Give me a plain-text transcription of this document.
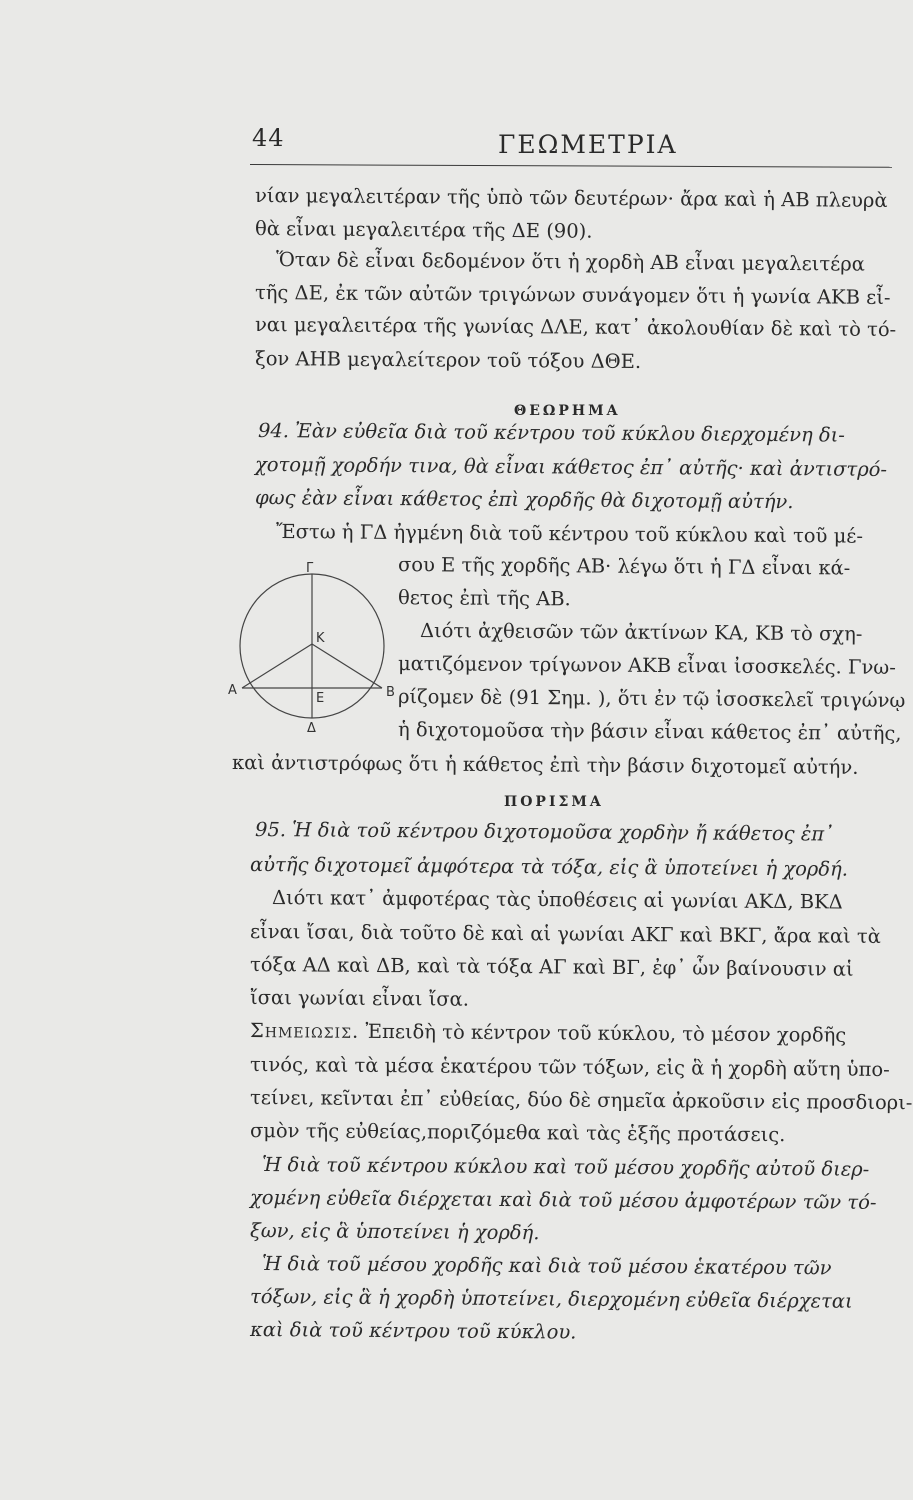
44	ΓΕΩΜΕΤΡΙΑ
νίαν μεγαλειτέραν τῆς ὑπὸ τῶν δευτέρων· ἄρα καὶ ἡ ΑΒ πλευρὰ
θὰ εἶναι μεγαλειτέρα τῆς ΔΕ (90).
Ὅταν δὲ εἶναι δεδομένον ὅτι ἡ χορδὴ ΑΒ εἶναι μεγαλειτέρα
τῆς ΔΕ, ἐκ τῶν αὐτῶν τριγώνων συνάγομεν ὅτι ἡ γωνία ΑΚΒ εἶ-
ναι μεγαλειτέρα τῆς γωνίας ΔΛΕ, κατ᾽ ἀκολουθίαν δὲ καὶ τὸ τό-
ξον ΑΗΒ μεγαλείτερον τοῦ τόξου ΔΘΕ.
ΘΕΩΡΗΜΑ
94. Ἐὰν εὐθεῖα διὰ τοῦ κέντρου τοῦ κύκλου διερχομένη δι-
χοτομῇ χορδήν τινα, θὰ εἶναι κάθετος ἐπ᾽ αὐτῆς· καὶ ἀντιστρό-
φως ἐὰν εἶναι κάθετος ἐπὶ χορδῆς θὰ διχοτομῇ αὐτήν.
Ἔστω ἡ ΓΔ ἠγμένη διὰ τοῦ κέντρου τοῦ κύκλου καὶ τοῦ μέ-
Γ
Κ
Α
Ε	Β
Δ
σου Ε τῆς χορδῆς ΑΒ· λέγω ὅτι ἡ ΓΔ εἶναι κά-
θετος ἐπὶ τῆς ΑΒ.
Διότι ἀχθεισῶν τῶν ἀκτίνων ΚΑ, ΚΒ τὸ σχη-
ματιζόμενον τρίγωνον ΑΚΒ εἶναι ἰσοσκελές. Γνω-
ρίζομεν δὲ (91 Σημ. ), ὅτι ἐν τῷ ἰσοσκελεῖ τριγώνῳ
ἡ διχοτομοῦσα τὴν βάσιν εἶναι κάθετος ἐπ᾽ αὐτῆς,
καὶ ἀντιστρόφως ὅτι ἡ κάθετος ἐπὶ τὴν βάσιν διχοτομεῖ αὐτήν.
ΠΟΡΙΣΜΑ
95. Ἡ διὰ τοῦ κέντρου διχοτομοῦσα χορδὴν ἤ κάθετος ἐπ᾽
αὐτῆς διχοτομεῖ ἀμφότερα τὰ τόξα, εἰς ἃ ὑποτείνει ἡ χορδή.
Διότι κατ᾽ ἀμφοτέρας τὰς ὑποθέσεις αἱ γωνίαι ΑΚΔ, ΒΚΔ
εἶναι ἴσαι, διὰ τοῦτο δὲ καὶ αἱ γωνίαι ΑΚΓ καὶ ΒΚΓ, ἄρα καὶ τὰ
τόξα ΑΔ καὶ ΔΒ, καὶ τὰ τόξα ΑΓ καὶ ΒΓ, ἐφ᾽ ὧν βαίνουσιν αἱ
ἴσαι γωνίαι εἶναι ἴσα.
Σημειωσις. Ἐπειδὴ τὸ κέντρον τοῦ κύκλου, τὸ μέσον χορδῆς
τινός, καὶ τὰ μέσα ἑκατέρου τῶν τόξων, εἰς ἃ ἡ χορδὴ αὕτη ὑπο-
τείνει, κεῖνται ἐπ᾽ εὐθείας, δύο δὲ σημεῖα ἀρκοῦσιν εἰς προσδιορι-
σμὸν τῆς εὐθείας,ποριζόμεθα καὶ τὰς ἑξῆς προτάσεις.
Ἡ διὰ τοῦ κέντρου κύκλου καὶ τοῦ μέσου χορδῆς αὐτοῦ διερ-
χομένη εὐθεῖα διέρχεται καὶ διὰ τοῦ μέσου ἀμφοτέρων τῶν τό-
ξων, εἰς ἃ ὑποτείνει ἡ χορδή.
Ἡ διὰ τοῦ μέσου χορδῆς καὶ διὰ τοῦ μέσου ἑκατέρου τῶν
τόξων, εἰς ἃ ἡ χορδὴ ὑποτείνει, διερχομένη εὐθεῖα διέρχεται
καὶ διὰ τοῦ κέντρου τοῦ κύκλου.
